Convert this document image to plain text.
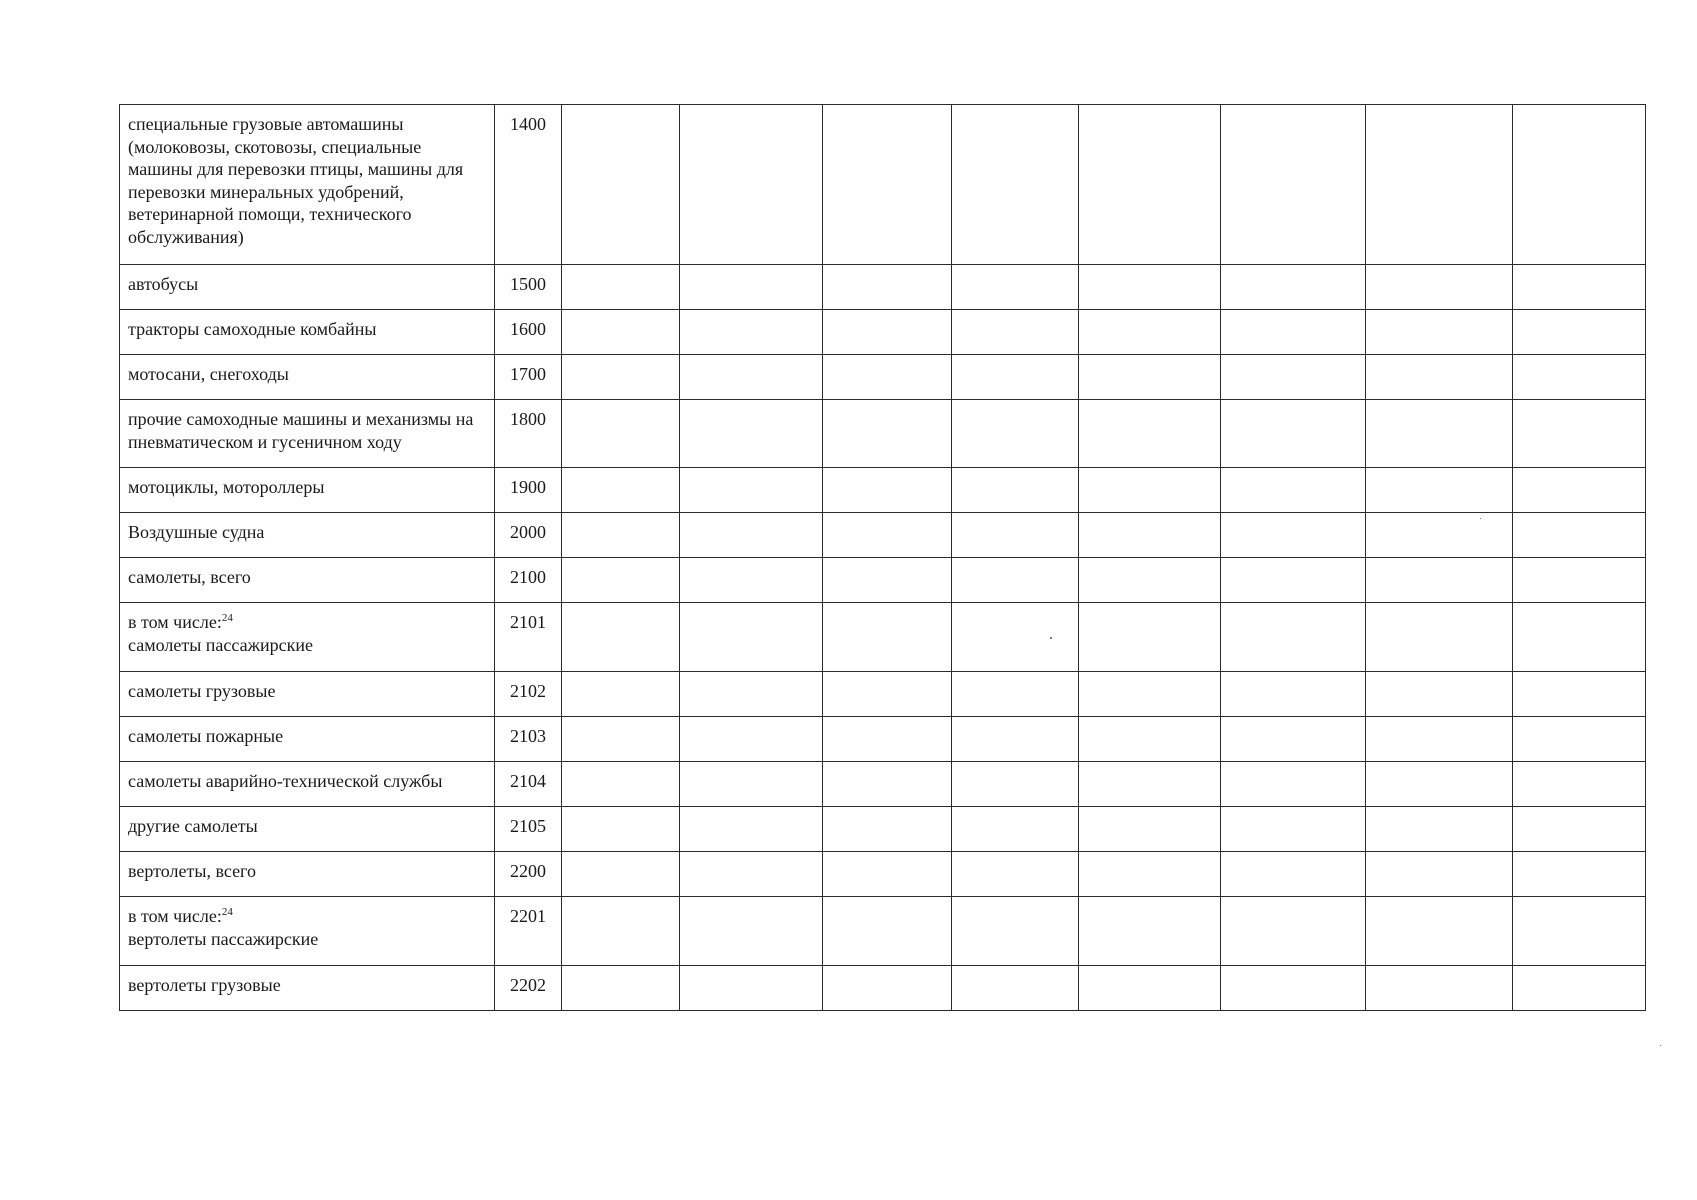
специальные грузовые автомашины (молоковозы, скотовозы, специальные машины для перевозки птицы, машины для перевозки минеральных удобрений, ветеринарной помощи, технического обслуживания)	1400								

автобусы	1500								

тракторы самоходные комбайны	1600								

мотосани, снегоходы	1700								

прочие самоходные машины и механизмы на пневматическом и гусеничном ходу	1800								

мотоциклы, мотороллеры	1900								

Воздушные судна	2000								

самолеты, всего	2100								

в том числе:$^{24}$
самолеты пассажирские	2101								

самолеты грузовые	2102								

самолеты пожарные	2103								

самолеты аварийно-технической службы	2104								

другие самолеты	2105								

вертолеты, всего	2200								

в том числе:$^{24}$
вертолеты пассажирские	2201								

вертолеты грузовые	2202								
